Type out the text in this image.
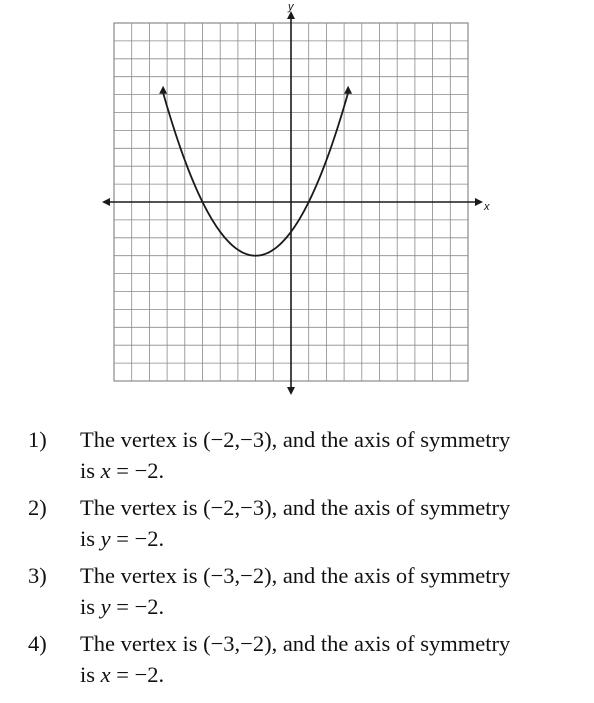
x
y
1) The vertex is (−2,−3), and the axis of symmetry
is x = −2.
2) The vertex is (−2,−3), and the axis of symmetry
is y = −2.
3) The vertex is (−3,−2), and the axis of symmetry
is y = −2.
4) The vertex is (−3,−2), and the axis of symmetry
is x = −2.
